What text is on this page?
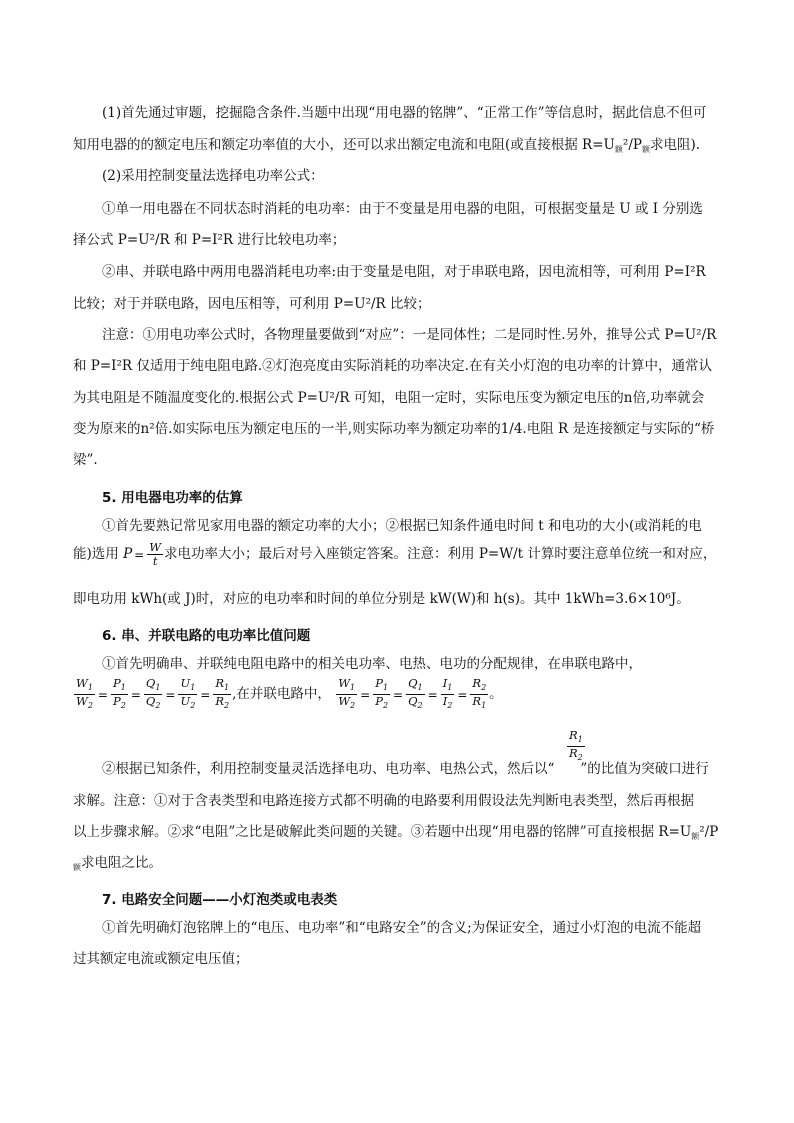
(1)首先通过审题，挖掘隐含条件.当题中出现“用电器的铭牌”、“正常工作”等信息时，据此信息不但可
知用电器的的额定电压和额定功率值的大小，还可以求出额定电流和电阻(或直接根据 $R=U_额^2/P_额$求电阻).
(2)采用控制变量法选择电功率公式：
①单一用电器在不同状态时消耗的电功率：由于不变量是用电器的电阻，可根据变量是 U 或 I 分别选
择公式 P=U²/R 和 P=I²R 进行比较电功率；
②串、并联电路中两用电器消耗电功率:由于变量是电阻，对于串联电路，因电流相等，可利用 P=I²R
比较；对于并联电路，因电压相等，可利用 P=U²/R 比较；
注意：①用电功率公式时，各物理量要做到“对应”：一是同体性；二是同时性.另外，推导公式 P=U²/R
和 P=I²R 仅适用于纯电阻电路.②灯泡亮度由实际消耗的功率决定.在有关小灯泡的电功率的计算中，通常认
为其电阻是不随温度变化的.根据公式 P=U²/R 可知，电阻一定时，实际电压变为额定电压的n倍,功率就会
变为原来的n²倍.如实际电压为额定电压的一半,则实际功率为额定功率的1/4.电阻 R 是连接额定与实际的“桥
梁”.
5. 用电器电功率的估算
①首先要熟记常见家用电器的额定功率的大小；②根据已知条件通电时间 t 和电功的大小(或消耗的电
能)选用 $P = \frac{W}{t}$ 求电功率大小；最后对号入座锁定答案。注意：利用 P=W/t 计算时要注意单位统一和对应，
即电功用 kWh(或 J)时，对应的电功率和时间的单位分别是 kW(W)和 h(s)。其中 1kWh=3.6×10⁶J。
6. 串、并联电路的电功率比值问题
①首先明确串、并联纯电阻电路中的相关电功率、电热、电功的分配规律，在串联电路中，
$\frac{W_1}{W_2} = \frac{P_1}{P_2} = \frac{Q_1}{Q_2} = \frac{U_1}{U_2} = \frac{R_1}{R_2}$ ,在并联电路中， $\frac{W_1}{W_2} = \frac{P_1}{P_2} = \frac{Q_1}{Q_2} = \frac{I_1}{I_2} = \frac{R_2}{R_1}$ 。
$\frac{R_1}{R_2}$
②根据已知条件，利用控制变量灵活选择电功、电功率、电热公式，然后以“ ”的比值为突破口进行
求解。注意：①对于含表类型和电路连接方式都不明确的电路要利用假设法先判断电表类型，然后再根据
以上步骤求解。②求“电阻”之比是破解此类问题的关键。③若题中出现“用电器的铭牌”可直接根据 $R=U_额^2/P$
$_额$求电阻之比。
7. 电路安全问题——小灯泡类或电表类
①首先明确灯泡铭牌上的“电压、电功率”和“电路安全”的含义;为保证安全，通过小灯泡的电流不能超
过其额定电流或额定电压值；
